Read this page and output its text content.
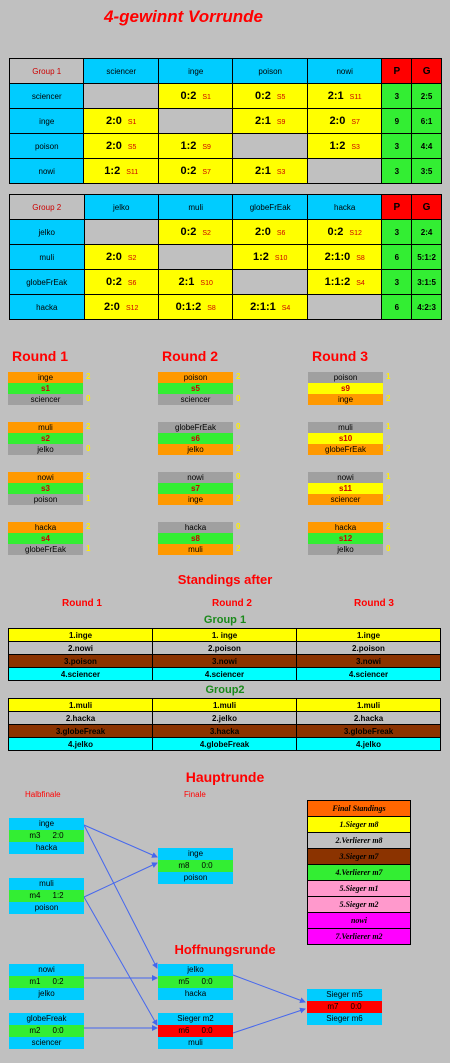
4-gewinnt Vorrunde
Group 1	sciencer	inge	poison	nowi	P	G
sciencer		0:2 S1	0:2 S5	2:1 S11	3	2:5
inge	2:0 S1		2:1 S9	2:0 S7	9	6:1
poison	2:0 S5	1:2 S9		1:2 S3	3	4:4
nowi	1:2 S11	0:2 S7	2:1 S3		3	3:5
Group 2	jelko	muli	globeFrEak	hacka	P	G
jelko		0:2 S2	2:0 S6	0:2 S12	3	2:4
muli	2:0 S2		1:2 S10	2:1:0 S8	6	5:1:2
globeFrEak	0:2 S6	2:1 S10		1:1:2 S4	3	3:1:5
hacka	2:0 S12	0:1:2 S8	2:1:1 S4		6	4:2:3
Round 1
inge	2
s1
sciencer	0
muli	2
s2
jelko	0
nowi	2
s3
poison	1
hacka	2
s4
globeFrEak	1
Round 2
poison	2
s5
sciencer	0
globeFrEak	0
s6
jelko	2
nowi	0
s7
inge	2
hacka	0
s8
muli	2
Round 3
poison	1
s9
inge	2
muli	1
s10
globeFrEak	2
nowi	1
s11
sciencer	2
hacka	2
s12
jelko	0
Standings after
Round 1	Round 2	Round 3
Group 1
1.inge	1. inge	1.inge
2.nowi	2.poison	2.poison
3.poison	3.nowi	3.nowi
4.sciencer	4.sciencer	4.sciencer
Group2
1.muli	1.muli	1.muli
2.hacka	2.jelko	2.hacka
3.globeFreak	3.hacka	3.globeFreak
4.jelko	4.globeFreak	4.jelko
Hauptrunde
Halbfinale	Finale
inge
m3 2:0
hacka
muli
m4 1:2
poison
inge
m8 0:0
poison
nowi
m1 0:2
jelko
globeFreak
m2 0:0
sciencer
jelko
m5 0:0
hacka
Sieger m2
m6 0:0
muli
Sieger m5
m7 0:0
Sieger m6
Hoffnungsrunde
Final Standings
1.Sieger m8
2.Verlierer m8
3.Sieger m7
4.Verlierer m7
5.Sieger m1
5.Sieger m2
nowi
7.Verlierer m2
